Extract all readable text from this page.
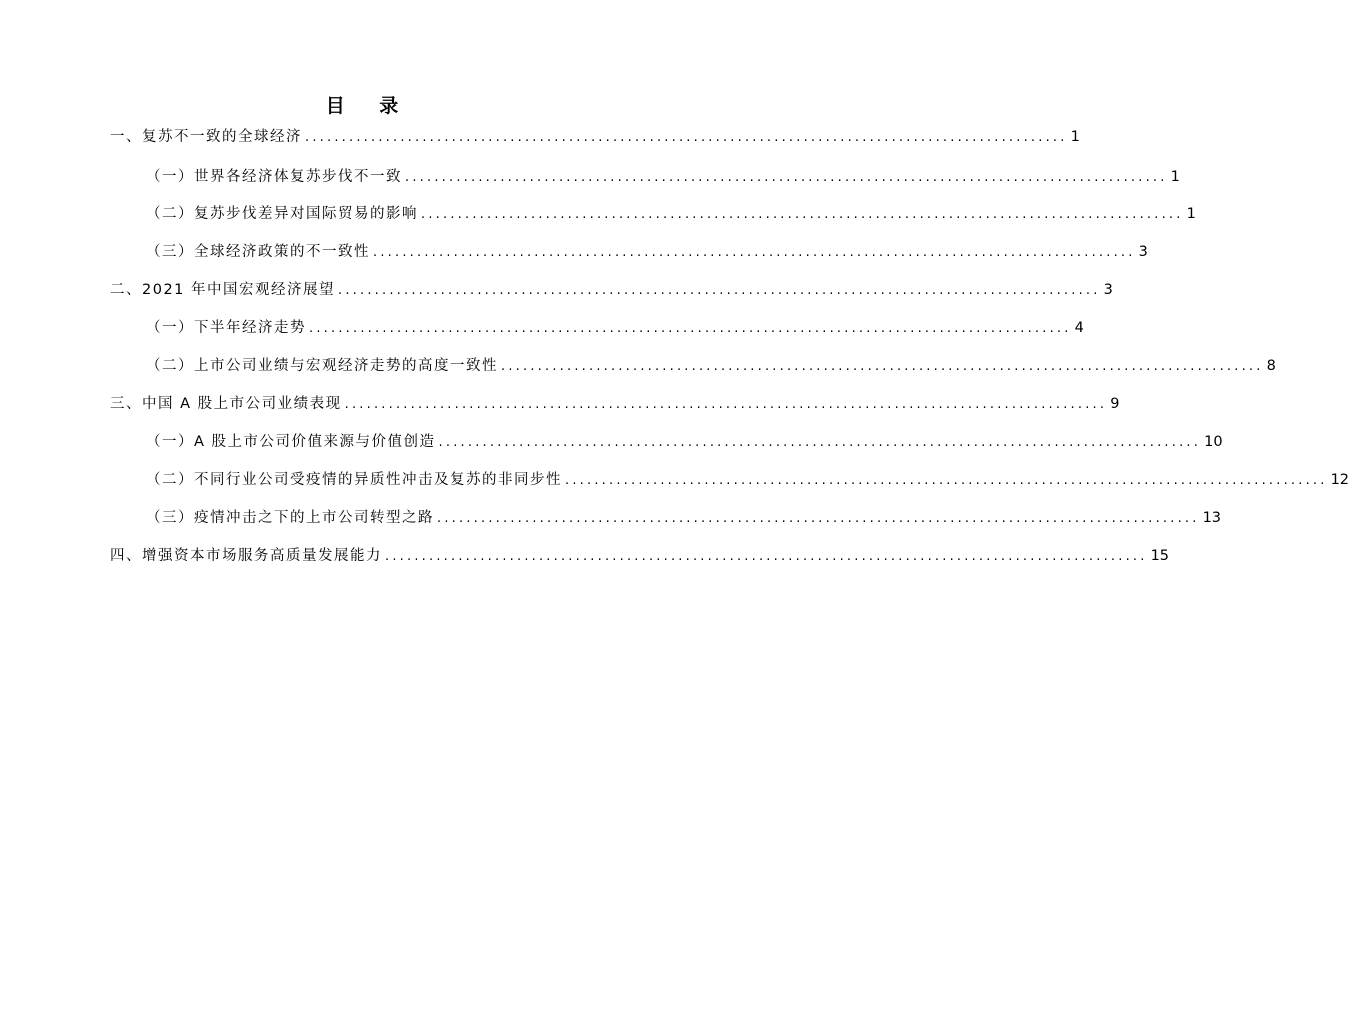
目 录
一、复苏不一致的全球经济 ........................................................................................................ 1
（一）世界各经济体复苏步伐不一致 ........................................................................................................ 1
（二）复苏步伐差异对国际贸易的影响 ........................................................................................................ 1
（三）全球经济政策的不一致性 ........................................................................................................ 3
二、2021 年中国宏观经济展望 ........................................................................................................ 3
（一）下半年经济走势 ........................................................................................................ 4
（二）上市公司业绩与宏观经济走势的高度一致性 ........................................................................................................ 8
三、中国 A 股上市公司业绩表现 ........................................................................................................ 9
（一）A 股上市公司价值来源与价值创造 ........................................................................................................ 10
（二）不同行业公司受疫情的异质性冲击及复苏的非同步性 ........................................................................................................ 12
（三）疫情冲击之下的上市公司转型之路 ........................................................................................................ 13
四、增强资本市场服务高质量发展能力 ........................................................................................................ 15
